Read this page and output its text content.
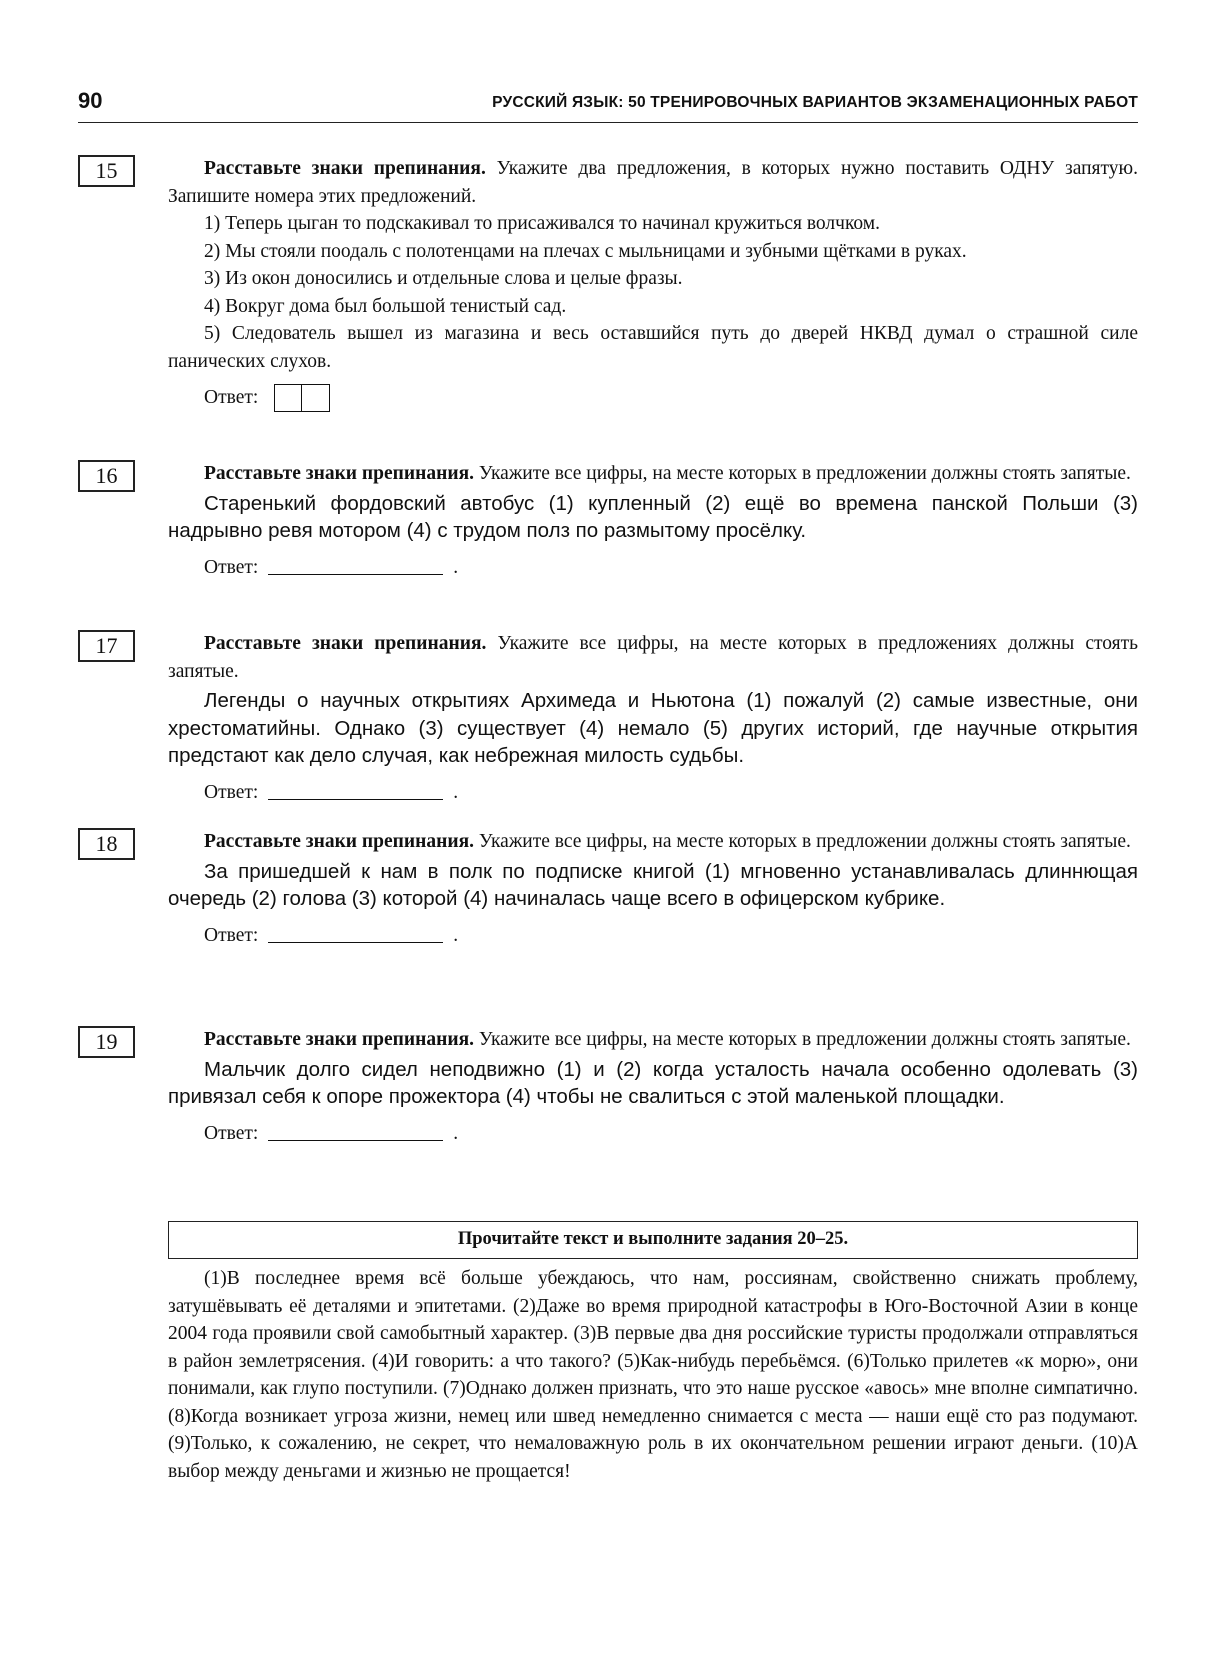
90	РУССКИЙ ЯЗЫК: 50 ТРЕНИРОВОЧНЫХ ВАРИАНТОВ ЭКЗАМЕНАЦИОННЫХ РАБОТ
15	Расставьте знаки препинания. Укажите два предложения, в которых нужно поставить ОДНУ запятую. Запишите номера этих предложений.

1) Теперь цыган то подскакивал то присаживался то начинал кружиться волчком.

2) Мы стояли поодаль с полотенцами на плечах с мыльницами и зубными щётками в руках.

3) Из окон доносились и отдельные слова и целые фразы.

4) Вокруг дома был большой тенистый сад.

5) Следователь вышел из магазина и весь оставшийся путь до дверей НКВД думал о страшной силе панических слухов.

Ответ:
16	Расставьте знаки препинания. Укажите все цифры, на месте которых в предложении должны стоять запятые.

Старенький фордовский автобус (1) купленный (2) ещё во времена панской Польши (3) надрывно ревя мотором (4) с трудом полз по размытому просёлку.

Ответ:	.
17	Расставьте знаки препинания. Укажите все цифры, на месте которых в предложениях должны стоять запятые.

Легенды о научных открытиях Архимеда и Ньютона (1) пожалуй (2) самые известные, они хрестоматийны. Однако (3) существует (4) немало (5) других историй, где научные открытия предстают как дело случая, как небрежная милость судьбы.

Ответ:	.
18	Расставьте знаки препинания. Укажите все цифры, на месте которых в предложении должны стоять запятые.

За пришедшей к нам в полк по подписке книгой (1) мгновенно устанавливалась длиннющая очередь (2) голова (3) которой (4) начиналась чаще всего в офицерском кубрике.

Ответ:	.
19	Расставьте знаки препинания. Укажите все цифры, на месте которых в предложении должны стоять запятые.

Мальчик долго сидел неподвижно (1) и (2) когда усталость начала особенно одолевать (3) привязал себя к опоре прожектора (4) чтобы не свалиться с этой маленькой площадки.

Ответ:	.
Прочитайте текст и выполните задания 20–25.

(1)В последнее время всё больше убеждаюсь, что нам, россиянам, свойственно снижать проблему, затушёвывать её деталями и эпитетами. (2)Даже во время природной катастрофы в Юго-Восточной Азии в конце 2004 года проявили свой самобытный характер. (3)В первые два дня российские туристы продолжали отправляться в район землетрясения. (4)И говорить: а что такого? (5)Как-нибудь перебьёмся. (6)Только прилетев «к морю», они понимали, как глупо поступили. (7)Однако должен признать, что это наше русское «авось» мне вполне симпатично. (8)Когда возникает угроза жизни, немец или швед немедленно снимается с места — наши ещё сто раз подумают. (9)Только, к сожалению, не секрет, что немаловажную роль в их окончательном решении играют деньги. (10)А выбор между деньгами и жизнью не прощается!
